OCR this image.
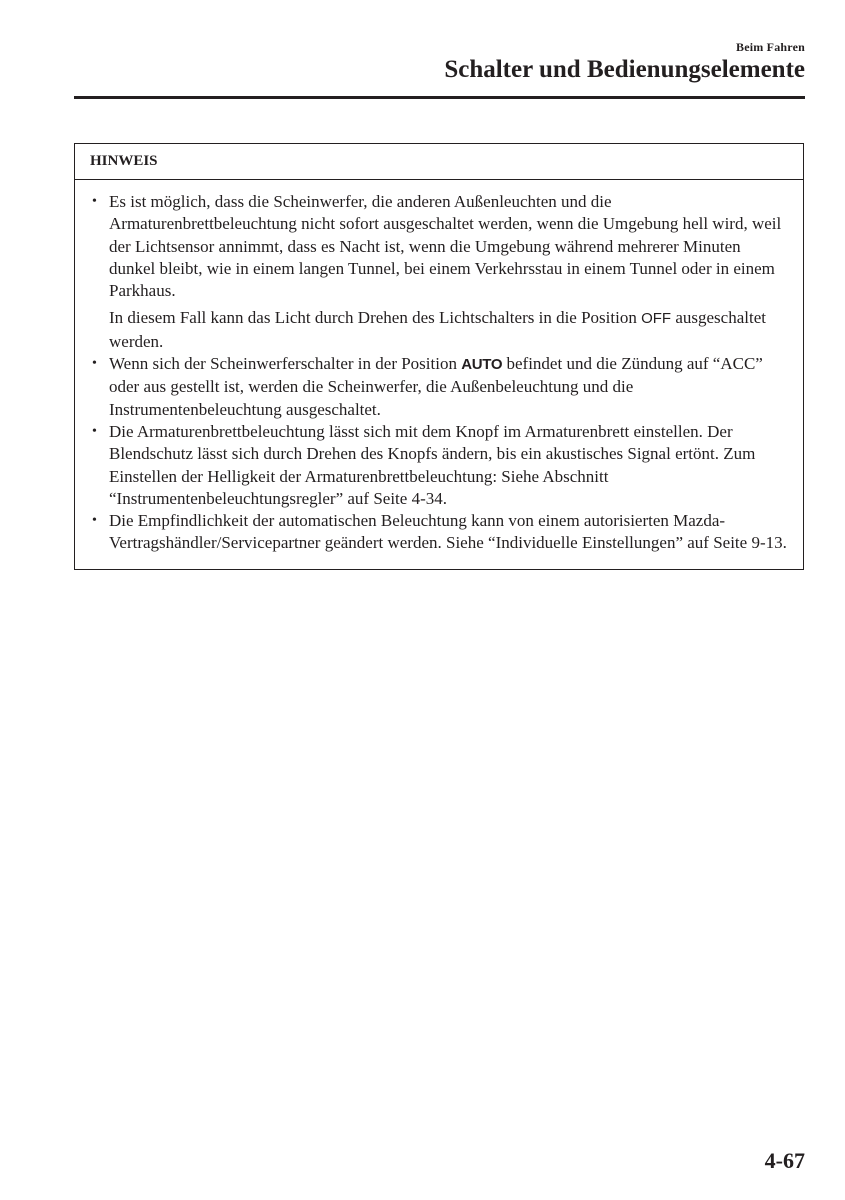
Beim Fahren
Schalter und Bedienungselemente
HINWEIS
• Es ist möglich, dass die Scheinwerfer, die anderen Außenleuchten und die Armaturenbrettbeleuchtung nicht sofort ausgeschaltet werden, wenn die Umgebung hell wird, weil der Lichtsensor annimmt, dass es Nacht ist, wenn die Umgebung während mehrerer Minuten dunkel bleibt, wie in einem langen Tunnel, bei einem Verkehrsstau in einem Tunnel oder in einem Parkhaus.

In diesem Fall kann das Licht durch Drehen des Lichtschalters in die Position OFF ausgeschaltet werden.

• Wenn sich der Scheinwerferschalter in der Position AUTO befindet und die Zündung auf “ACC” oder aus gestellt ist, werden die Scheinwerfer, die Außenbeleuchtung und die Instrumentenbeleuchtung ausgeschaltet.

• Die Armaturenbrettbeleuchtung lässt sich mit dem Knopf im Armaturenbrett einstellen. Der Blendschutz lässt sich durch Drehen des Knopfs ändern, bis ein akustisches Signal ertönt. Zum Einstellen der Helligkeit der Armaturenbrettbeleuchtung: Siehe Abschnitt “Instrumentenbeleuchtungsregler” auf Seite 4-34.

• Die Empfindlichkeit der automatischen Beleuchtung kann von einem autorisierten Mazda-Vertragshändler/Servicepartner geändert werden. Siehe “Individuelle Einstellungen” auf Seite 9-13.

4-67
